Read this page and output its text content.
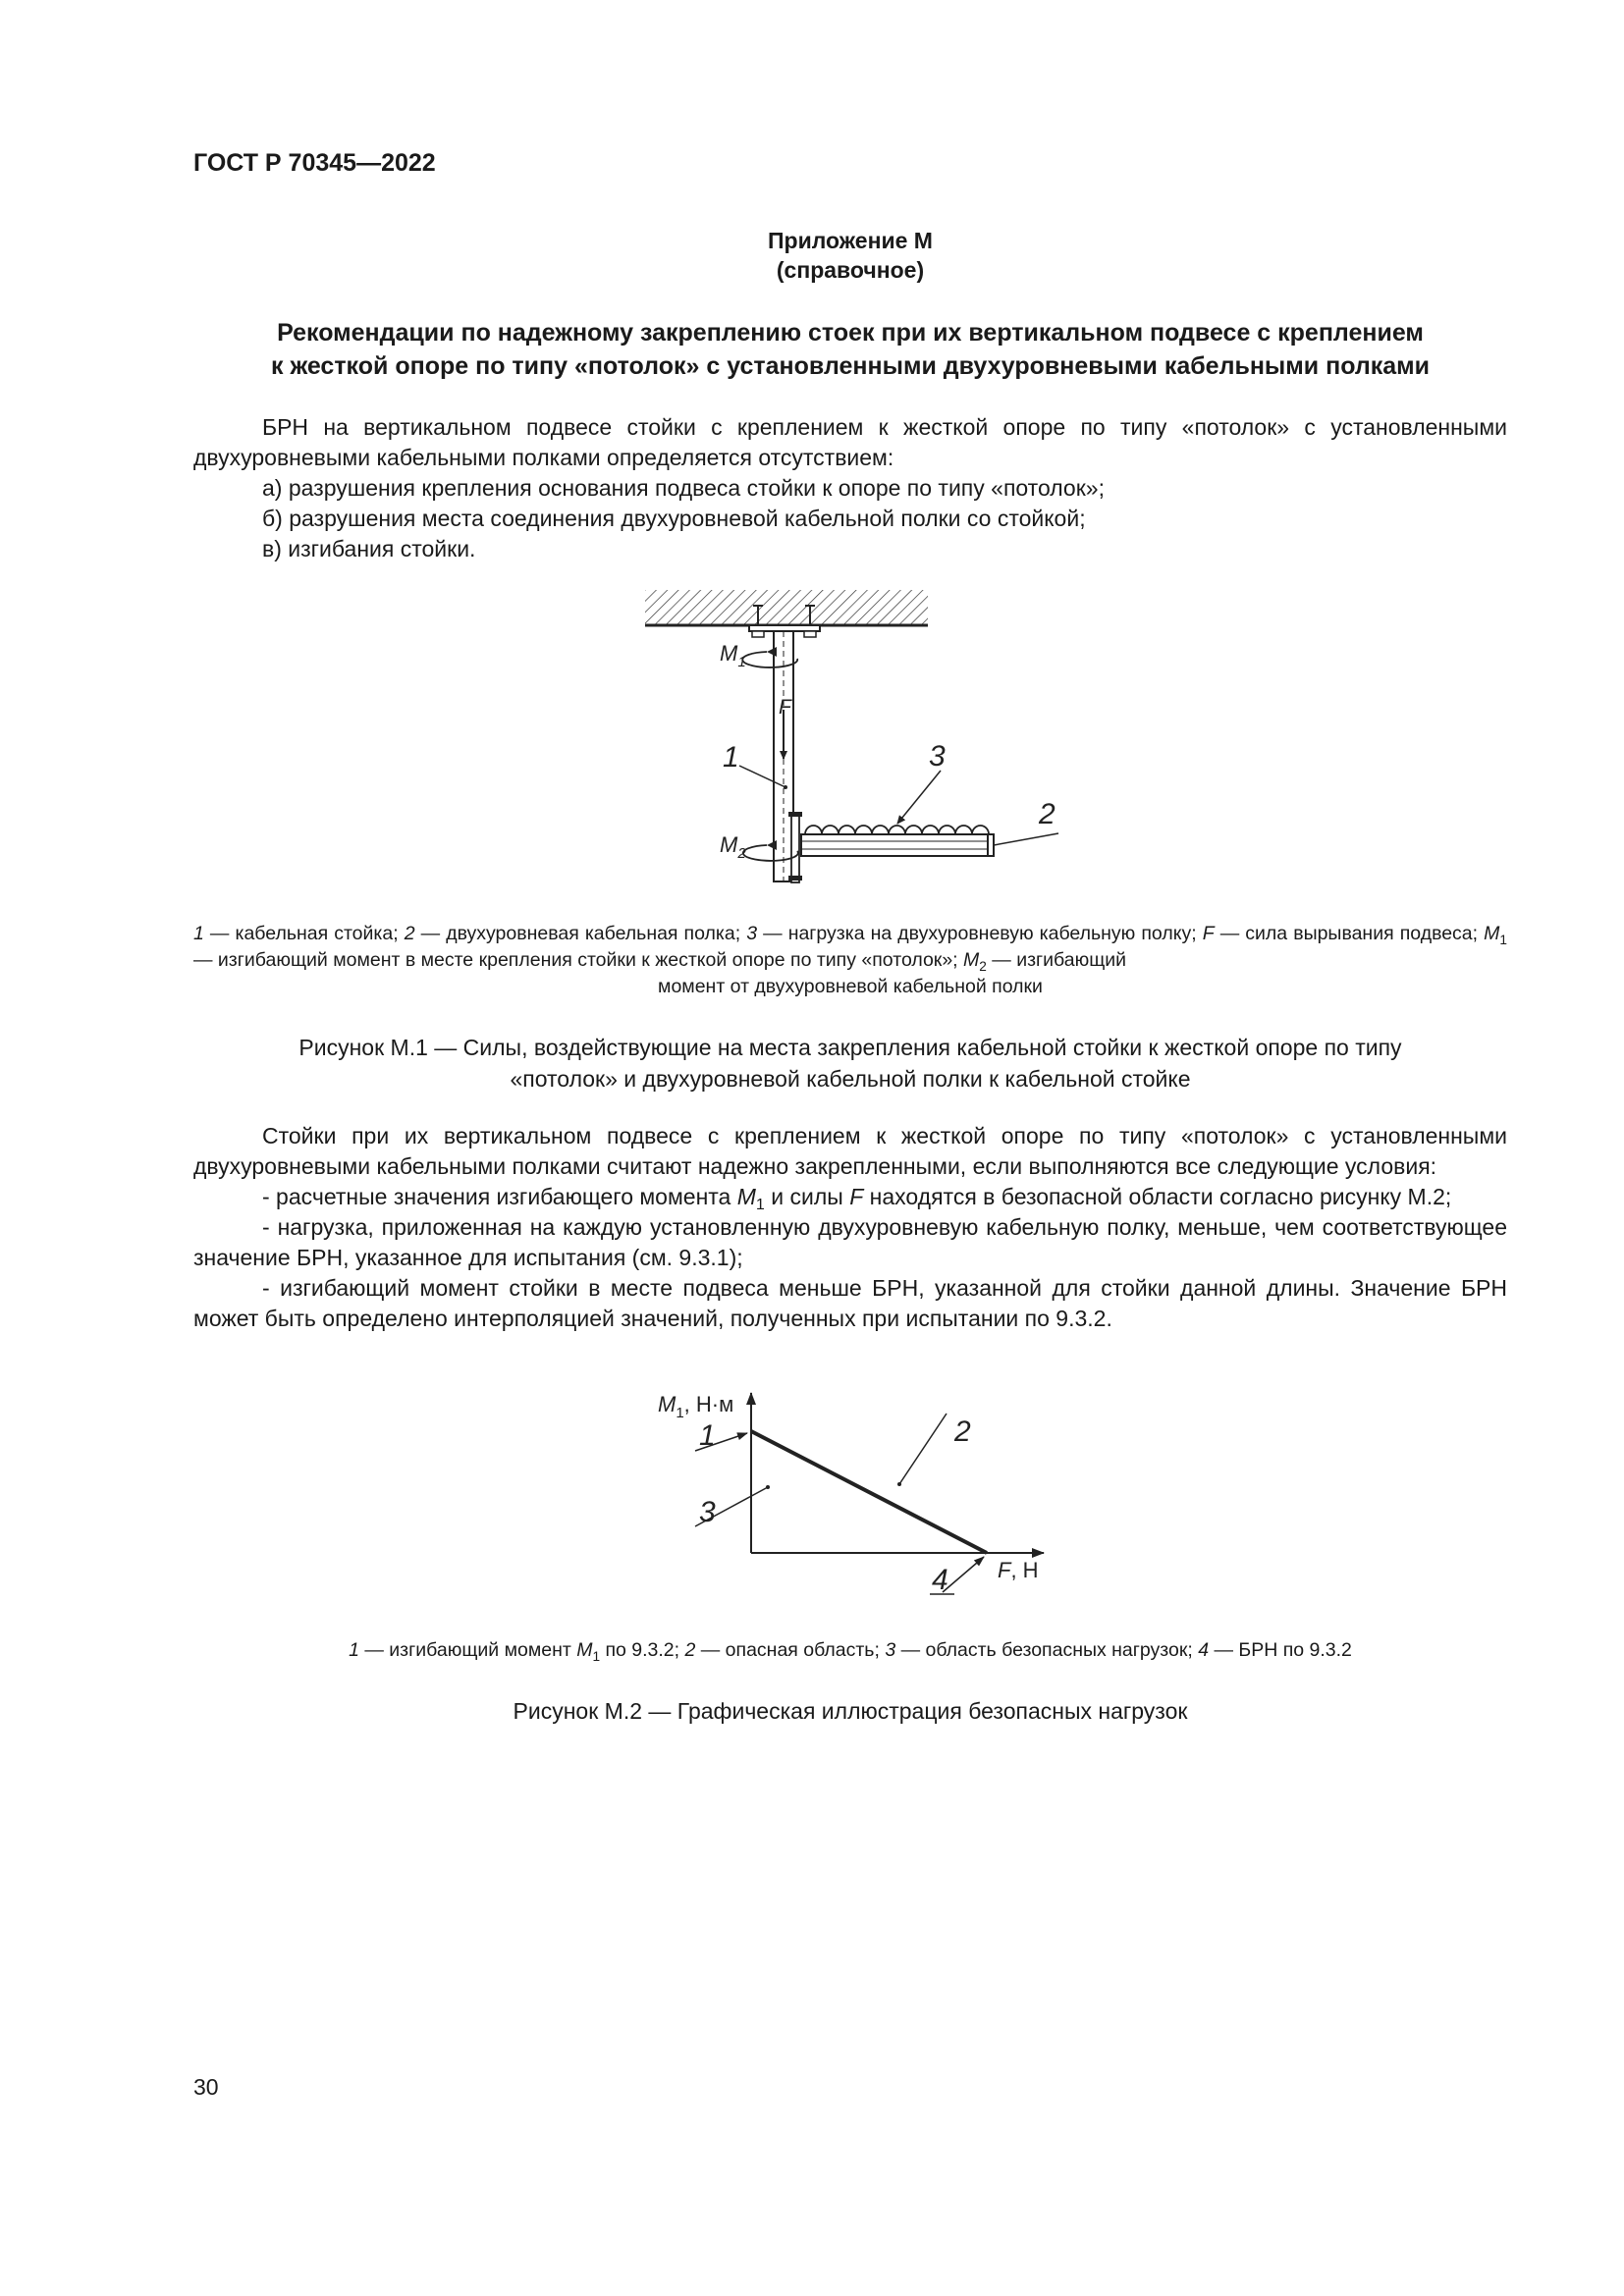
ГОСТ Р 70345—2022
Приложение М
(справочное)
Рекомендации по надежному закреплению стоек при их вертикальном подвесе с креплением
к жесткой опоре по типу «потолок» с установленными двухуровневыми кабельными полками

БРН на вертикальном подвесе стойки с креплением к жесткой опоре по типу «потолок» с установленными двухуровневыми кабельными полками определяется отсутствием:

а) разрушения крепления основания подвеса стойки к опоре по типу «потолок»;

б) разрушения места соединения двухуровневой кабельной полки со стойкой;

в) изгибания стойки.

$M_1$
F
1	3
2
$M_2$

1 — кабельная стойка; 2 — двухуровневая кабельная полка; 3 — нагрузка на двухуровневую кабельную полку; F — сила вырывания подвеса; $M_1$ — изгибающий момент в месте крепления стойки к жесткой опоре по типу «потолок»; $M_2$ — изгибающий

момент от двухуровневой кабельной полки

Рисунок М.1 — Силы, воздействующие на места закрепления кабельной стойки к жесткой опоре по типу
«потолок» и двухуровневой кабельной полки к кабельной стойке

Стойки при их вертикальном подвесе с креплением к жесткой опоре по типу «потолок» с установленными двухуровневыми кабельными полками считают надежно закрепленными, если выполняются все следующие условия:

- расчетные значения изгибающего момента $M_1$ и силы F находятся в безопасной области согласно рисунку М.2;

- нагрузка, приложенная на каждую установленную двухуровневую кабельную полку, меньше, чем соответствующее значение БРН, указанное для испытания (см. 9.3.1);

- изгибающий момент стойки в месте подвеса меньше БРН, указанной для стойки данной длины. Значение БРН может быть определено интерполяцией значений, полученных при испытании по 9.3.2.

$M_1$, Н·м
F, Н
1
3
2
4
1 — изгибающий момент $M_1$ по 9.3.2; 2 — опасная область; 3 — область безопасных нагрузок; 4 — БРН по 9.3.2
Рисунок М.2 — Графическая иллюстрация безопасных нагрузок
30
